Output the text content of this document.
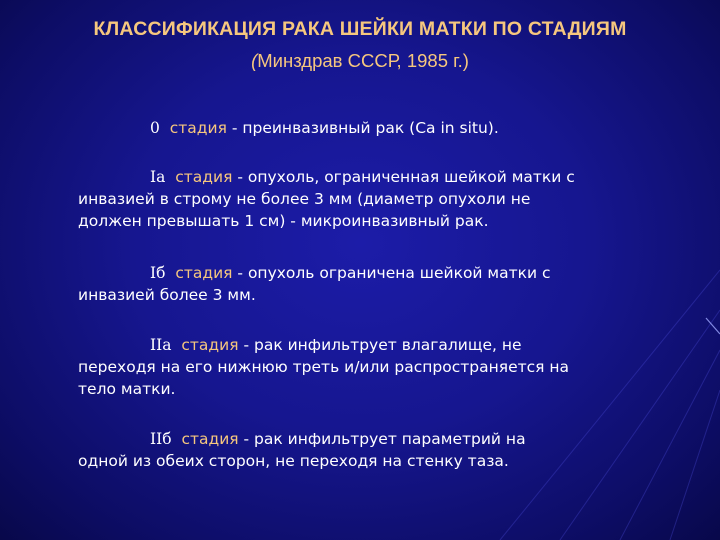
КЛАССИФИКАЦИЯ РАКА ШЕЙКИ МАТКИ ПО СТАДИЯМ
(Минздрав СССР, 1985 г.)
0 стадия - преинвазивный рак (Ca in situ).
Ia стадия - опухоль, ограниченная шейкой матки с
инвазией в строму не более 3 мм (диаметр опухоли не
должен превышать 1 см) - микроинвазивный рак.
Iб стадия - опухоль ограничена шейкой матки с
инвазией более 3 мм.
IIа стадия - рак инфильтрует влагалище, не
переходя на его нижнюю треть и/или распространяется на
тело матки.
IIб стадия - рак инфильтрует параметрий на
одной из обеих сторон, не переходя на стенку таза.
